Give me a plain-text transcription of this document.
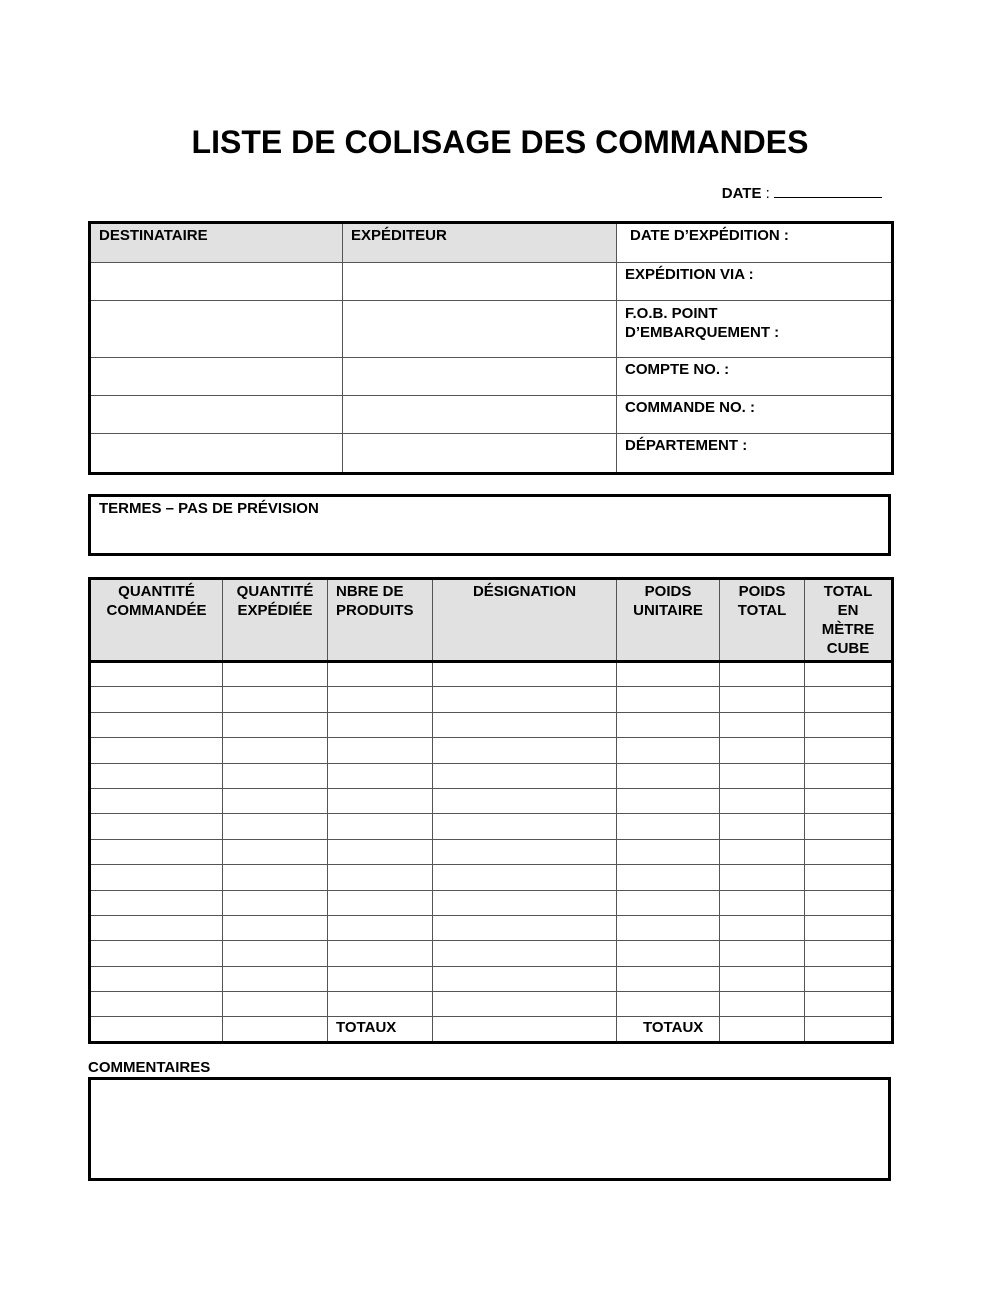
LISTE DE COLISAGE DES COMMANDES
DATE :
DESTINATAIRE	EXPÉDITEUR	DATE D’EXPÉDITION :
		EXPÉDITION VIA :
		F.O.B. POINT D’EMBARQUEMENT :
		COMPTE NO. :
		COMMANDE NO. :
		DÉPARTEMENT :
TERMES – PAS DE PRÉVISION
QUANTITÉ COMMANDÉE	QUANTITÉ EXPÉDIÉE	NBRE DE PRODUITS	DÉSIGNATION	POIDS UNITAIRE	POIDS TOTAL	TOTAL EN MÈTRE CUBE

		TOTAUX		TOTAUX		
COMMENTAIRES
